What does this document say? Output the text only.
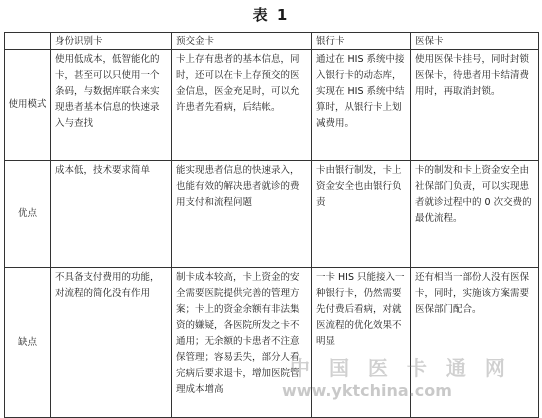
表 1
	身份识别卡	预交金卡	银行卡	医保卡
使用模式	使用低成本，低智能化的卡，甚至可以只使用一个条码，与数据库联合来实现患者基本信息的快速录入与查找	卡上存有患者的基本信息，同时，还可以在卡上存预交的医金信息，医金充足时，可以允许患者先看病，后结帐。	通过在 HIS 系统中接入银行卡的动态库，实现在 HIS 系统中结算时，从银行卡上划减费用。	使用医保卡挂号，同时封锁医保卡，待患者用卡结清费用时，再取消封锁。
优点	成本低，技术要求简单	能实现患者信息的快速录入，也能有效的解决患者就诊的费用支付和流程问题	卡由银行制发，卡上资金安全也由银行负责	卡的制发和卡上资金安全由社保部门负责，可以实现患者就诊过程中的 0 次交费的最优流程。
缺点	不具备支付费用的功能，对流程的简化没有作用	制卡成本较高，卡上资金的安全需要医院提供完善的管理方案；卡上的资金余额有非法集资的嫌疑，各医院所发之卡不通用；无余额的卡患者不注意保管理；容易丢失，部分人看完病后要求退卡，增加医院管理成本增高	一卡 HIS 只能接入一种银行卡，仍然需要先付费后看病，对就医流程的优化效果不明显	还有相当一部份人没有医保卡，同时，实施该方案需要医保部门配合。
中 国 医 卡 通 网
www.yktchina.com
